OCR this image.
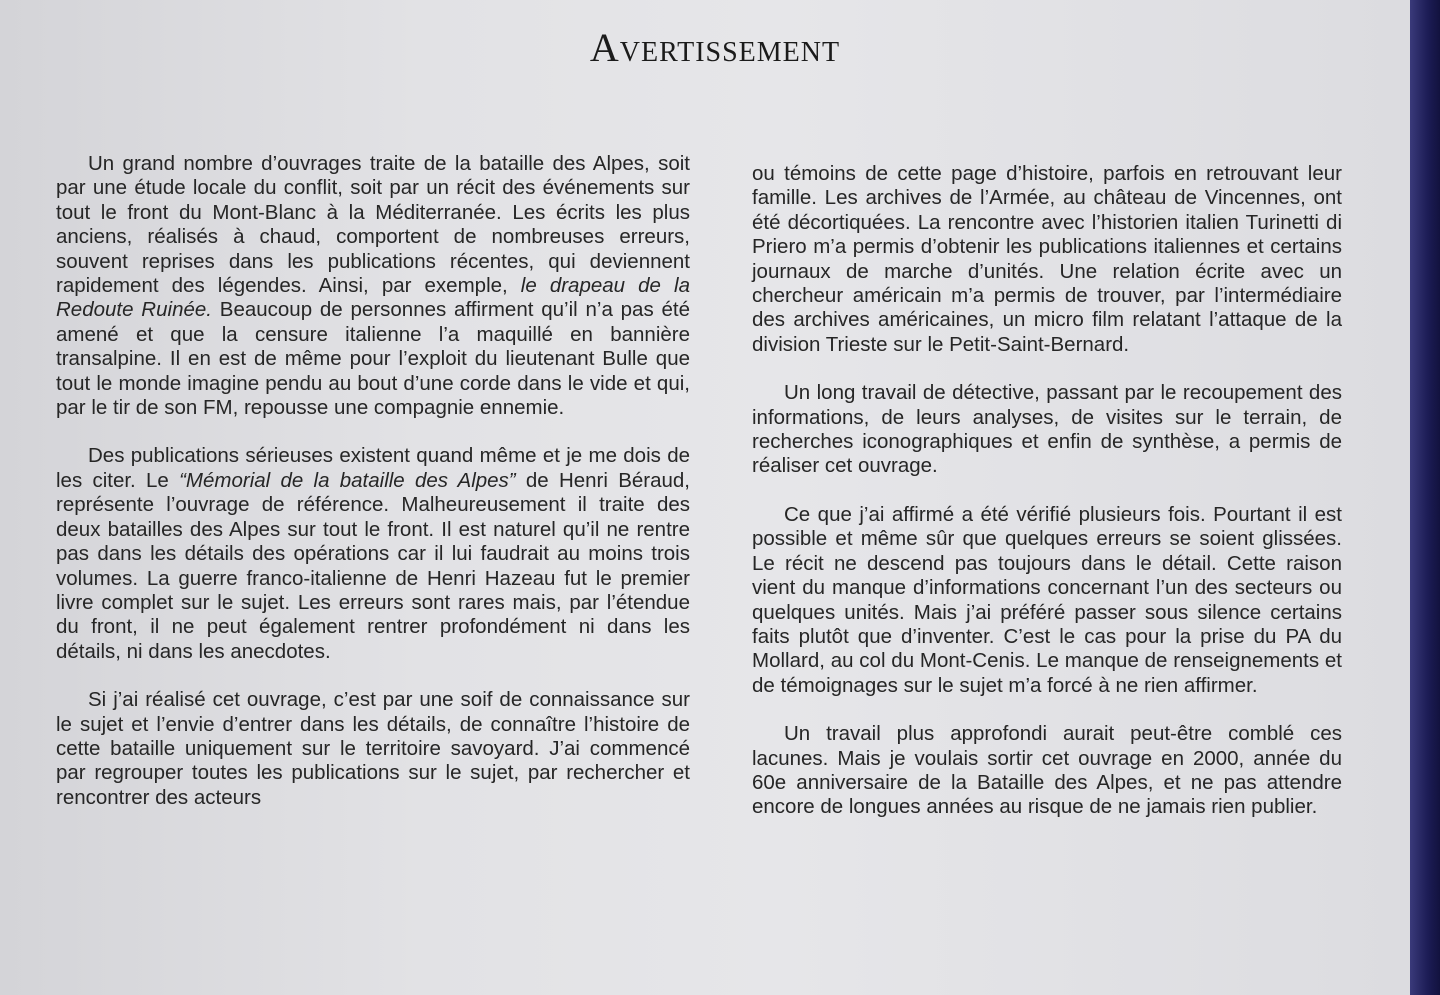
Avertissement

Un grand nombre d’ouvrages traite de la bataille des Alpes, soit par une étude locale du conflit, soit par un récit des événements sur tout le front du Mont-Blanc à la Méditerranée. Les écrits les plus anciens, réalisés à chaud, comportent de nombreuses erreurs, souvent reprises dans les publications récentes, qui deviennent rapidement des légendes. Ainsi, par exemple, le drapeau de la Redoute Ruinée. Beaucoup de personnes affirment qu’il n’a pas été amené et que la censure italienne l’a maquillé en bannière transalpine. Il en est de même pour l’exploit du lieutenant Bulle que tout le monde imagine pendu au bout d’une corde dans le vide et qui, par le tir de son FM, repousse une compagnie ennemie.

Des publications sérieuses existent quand même et je me dois de les citer. Le “Mémorial de la bataille des Alpes” de Henri Béraud, représente l’ouvrage de référence. Malheureusement il traite des deux batailles des Alpes sur tout le front. Il est naturel qu’il ne rentre pas dans les détails des opérations car il lui faudrait au moins trois volumes. La guerre franco-italienne de Henri Hazeau fut le premier livre complet sur le sujet. Les erreurs sont rares mais, par l’étendue du front, il ne peut également rentrer profondément ni dans les détails, ni dans les anecdotes.

Si j’ai réalisé cet ouvrage, c’est par une soif de connaissance sur le sujet et l’envie d’entrer dans les détails, de connaître l’histoire de cette bataille uniquement sur le territoire savoyard. J’ai commencé par regrouper toutes les publications sur le sujet, par rechercher et rencontrer des acteurs

ou témoins de cette page d’histoire, parfois en retrouvant leur famille. Les archives de l’Armée, au château de Vincennes, ont été décortiquées. La rencontre avec l’historien italien Turinetti di Priero m’a permis d’obtenir les publications italiennes et certains journaux de marche d’unités. Une relation écrite avec un chercheur américain m’a permis de trouver, par l’intermédiaire des archives américaines, un micro film relatant l’attaque de la division Trieste sur le Petit-Saint-Bernard.

Un long travail de détective, passant par le recoupement des informations, de leurs analyses, de visites sur le terrain, de recherches iconographiques et enfin de synthèse, a permis de réaliser cet ouvrage.

Ce que j’ai affirmé a été vérifié plusieurs fois. Pourtant il est possible et même sûr que quelques erreurs se soient glissées. Le récit ne descend pas toujours dans le détail. Cette raison vient du manque d’informations concernant l’un des secteurs ou quelques unités. Mais j’ai préféré passer sous silence certains faits plutôt que d’inventer. C’est le cas pour la prise du PA du Mollard, au col du Mont-Cenis. Le manque de renseignements et de témoignages sur le sujet m’a forcé à ne rien affirmer.

Un travail plus approfondi aurait peut-être comblé ces lacunes. Mais je voulais sortir cet ouvrage en 2000, année du 60e anniversaire de la Bataille des Alpes, et ne pas attendre encore de longues années au risque de ne jamais rien publier.
